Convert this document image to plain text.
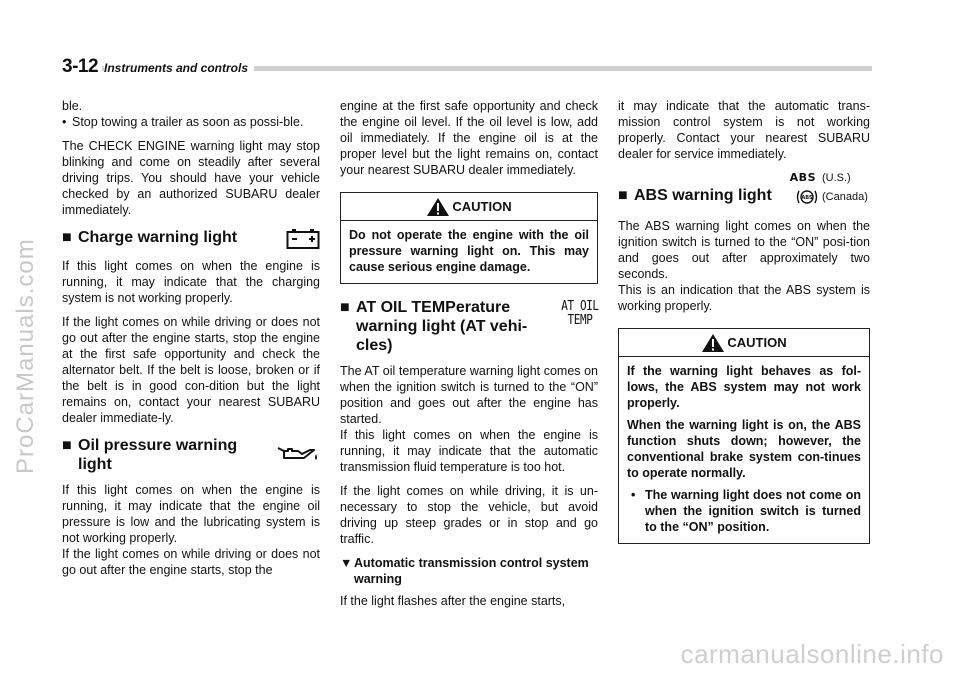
3-12 Instruments and controls

ble.

• Stop towing a trailer as soon as possi-ble.

The CHECK ENGINE warning light may stop blinking and come on steadily after several driving trips. You should have your vehicle checked by an authorized SUBARU dealer immediately.

■ Charge warning light

If this light comes on when the engine is running, it may indicate that the charging system is not working properly.

If the light comes on while driving or does not go out after the engine starts, stop the engine at the first safe opportunity and check the alternator belt. If the belt is loose, broken or if the belt is in good con-dition but the light remains on, contact your nearest SUBARU dealer immediate-ly.

■ Oil pressure warning light

If this light comes on when the engine is running, it may indicate that the engine oil pressure is low and the lubricating system is not working properly.

If the light comes on while driving or does not go out after the engine starts, stop the

engine at the first safe opportunity and check the engine oil level. If the oil level is low, add oil immediately. If the engine oil is at the proper level but the light remains on, contact your nearest SUBARU dealer immediately.

CAUTION

Do not operate the engine with the oil pressure warning light on. This may cause serious engine damage.

■ AT OIL TEMPerature warning light (AT vehi-cles)
AT OIL
TEMP

The AT oil temperature warning light comes on when the ignition switch is turned to the “ON” position and goes out after the engine has started.

If this light comes on when the engine is running, it may indicate that the automatic transmission fluid temperature is too hot.

If the light comes on while driving, it is un-necessary to stop the vehicle, but avoid driving up steep grades or in stop and go traffic.

▼ Automatic transmission control system warning

If the light flashes after the engine starts,

it may indicate that the automatic trans-mission control system is not working properly. Contact your nearest SUBARU dealer for service immediately.

ABS (U.S.)
ABS (Canada)
■ ABS warning light

The ABS warning light comes on when the ignition switch is turned to the “ON” posi-tion and goes out after approximately two seconds.

This is an indication that the ABS system is working properly.

CAUTION

If the warning light behaves as fol-lows, the ABS system may not work properly.

When the warning light is on, the ABS function shuts down; however, the conventional brake system con-tinues to operate normally.

• The warning light does not come on when the ignition switch is turned to the “ON” position.
ProCarManuals.com
carmanualsonline.info
